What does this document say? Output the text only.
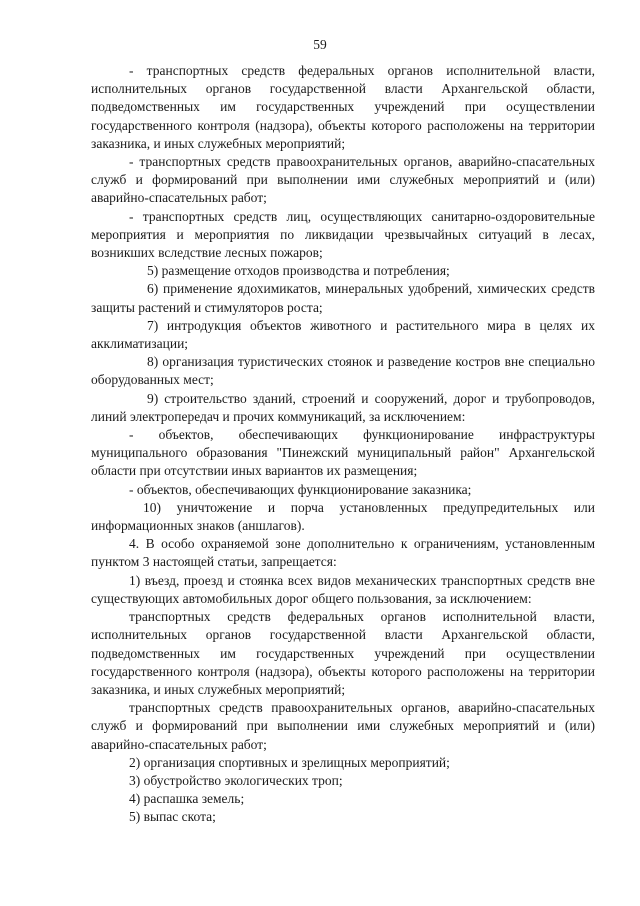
59

- транспортных средств федеральных органов исполнительной власти, исполнительных органов государственной власти Архангельской области, подведомственных им государственных учреждений при осуществлении государственного контроля (надзора), объекты которого расположены на территории заказника, и иных служебных мероприятий;

- транспортных средств правоохранительных органов, аварийно-спасательных служб и формирований при выполнении ими служебных мероприятий и (или) аварийно-спасательных работ;

- транспортных средств лиц, осуществляющих санитарно-оздоровительные мероприятия и мероприятия по ликвидации чрезвычайных ситуаций в лесах, возникших вследствие лесных пожаров;

5) размещение отходов производства и потребления;

6) применение ядохимикатов, минеральных удобрений, химических средств защиты растений и стимуляторов роста;

7) интродукция объектов животного и растительного мира в целях их акклиматизации;

8) организация туристических стоянок и разведение костров вне специально оборудованных мест;

9) строительство зданий, строений и сооружений, дорог и трубопроводов, линий электропередач и прочих коммуникаций, за исключением:

- объектов, обеспечивающих функционирование инфраструктуры муниципального образования "Пинежский муниципальный район" Архангельской области при отсутствии иных вариантов их размещения;

- объектов, обеспечивающих функционирование заказника;

10) уничтожение и порча установленных предупредительных или информационных знаков (аншлагов).

4. В особо охраняемой зоне дополнительно к ограничениям, установленным пунктом 3 настоящей статьи, запрещается:

1) въезд, проезд и стоянка всех видов механических транспортных средств вне существующих автомобильных дорог общего пользования, за исключением:

транспортных средств федеральных органов исполнительной власти, исполнительных органов государственной власти Архангельской области, подведомственных им государственных учреждений при осуществлении государственного контроля (надзора), объекты которого расположены на территории заказника, и иных служебных мероприятий;

транспортных средств правоохранительных органов, аварийно-спасательных служб и формирований при выполнении ими служебных мероприятий и (или) аварийно-спасательных работ;

2) организация спортивных и зрелищных мероприятий;

3) обустройство экологических троп;

4) распашка земель;

5) выпас скота;
